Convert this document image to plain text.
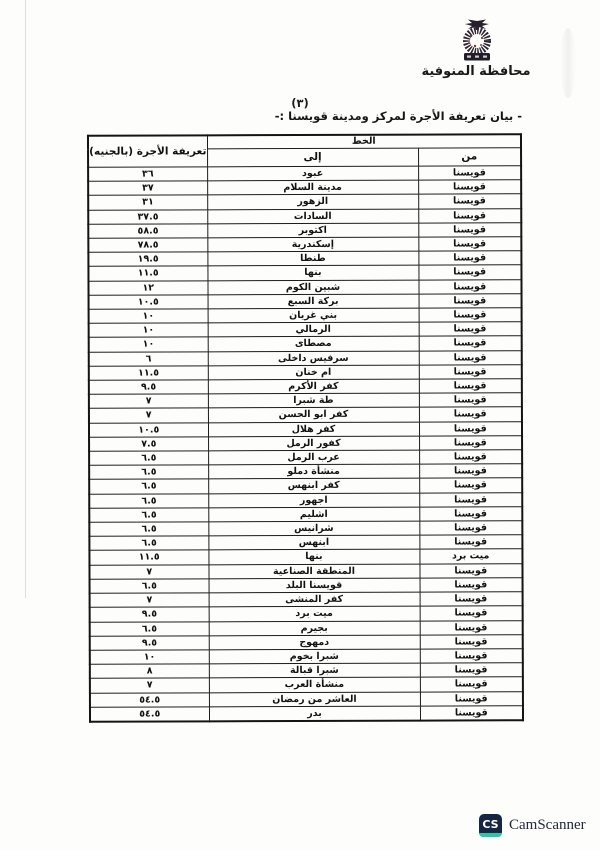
محافظة المنوفية
(٣)
- بيان تعريفة الأجرة لمركز ومدينة قويسنا :-
الخط		تعريفة الأجرة (بالجنيه)
من	إلى	
قويسنا	عبود	٣٦
قويسنا	مدينة السلام	٣٧
قويسنا	الزهور	٣١
قويسنا	السادات	٣٧.٥
قويسنا	اكتوبر	٥٨.٥
قويسنا	إسكندرية	٧٨.٥
قويسنا	طنطا	١٩.٥
قويسنا	بنها	١١.٥
قويسنا	شبين الكوم	١٢
قويسنا	بركة السبع	١٠.٥
قويسنا	بني غريان	١٠
قويسنا	الرمالي	١٠
قويسنا	مصطاى	١٠
قويسنا	سرفيس داخلى	٦
قويسنا	ام خنان	١١.٥
قويسنا	كفر الأكرم	٩.٥
قويسنا	طة شبرا	٧
قويسنا	كفر ابو الحسن	٧
قويسنا	كفر هلال	١٠.٥
قويسنا	كفور الرمل	٧.٥
قويسنا	عرب الرمل	٦.٥
قويسنا	منشأة دملو	٦.٥
قويسنا	كفر ابنهس	٦.٥
قويسنا	اجهور	٦.٥
قويسنا	اشليم	٦.٥
قويسنا	شرانيس	٦.٥
قويسنا	ابنهس	٦.٥
ميت برد	بنها	١١.٥
قويسنا	المنطقة الصناعية	٧
قويسنا	قويسنا البلد	٦.٥
قويسنا	كفر المنشى	٧
قويسنا	ميت برد	٩.٥
قويسنا	بجيرم	٦.٥
قويسنا	دمهوج	٩.٥
قويسنا	شبرا بخوم	١٠
قويسنا	شبرا قبالة	٨
قويسنا	منشأة العرب	٧
قويسنا	العاشر من رمضان	٥٤.٥
قويسنا	بدر	٥٤.٥
CS CamScanner
